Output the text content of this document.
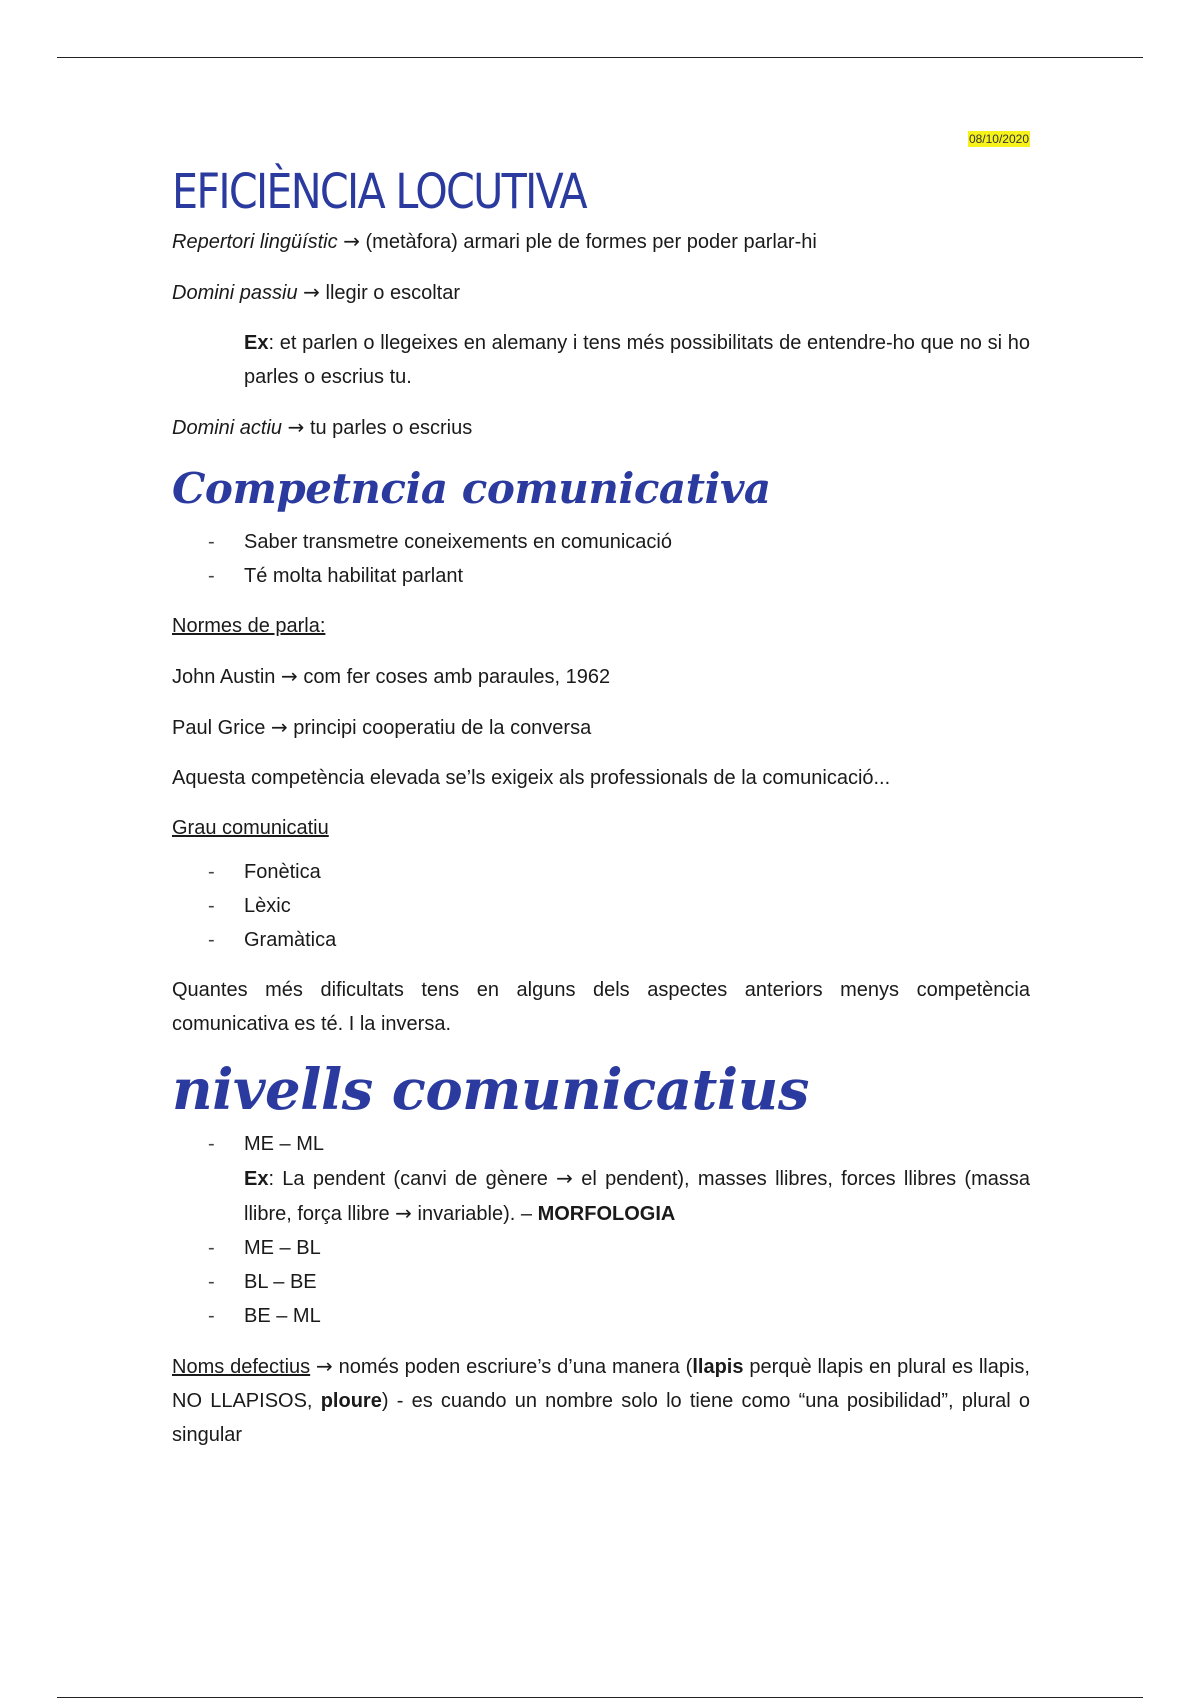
08/10/2020
EFICIÈNCIA LOCUTIVA

Repertori lingüístic → (metàfora) armari ple de formes per poder parlar-hi

Domini passiu → llegir o escoltar

Ex: et parlen o llegeixes en alemany i tens més possibilitats de entendre-ho que no si ho parles o escrius tu.

Domini actiu → tu parles o escrius

Competncia comunicativa
- Saber transmetre coneixements en comunicació
- Té molta habilitat parlant

Normes de parla:

John Austin → com fer coses amb paraules, 1962

Paul Grice → principi cooperatiu de la conversa

Aquesta competència elevada se’ls exigeix als professionals de la comunicació...

Grau comunicatiu

- Fonètica
- Lèxic
- Gramàtica

Quantes més dificultats tens en alguns dels aspectes anteriors menys competència comunicativa es té. I la inversa.

nivells comunicatius
- ME – ML
Ex: La pendent (canvi de gènere → el pendent), masses llibres, forces llibres (massa llibre, força llibre → invariable). – MORFOLOGIA
- ME – BL
- BL – BE
- BE – ML

Noms defectius → només poden escriure’s d’una manera (llapis perquè llapis en plural es llapis, NO LLAPISOS, ploure) - es cuando un nombre solo lo tiene como “una posibilidad”, plural o singular
